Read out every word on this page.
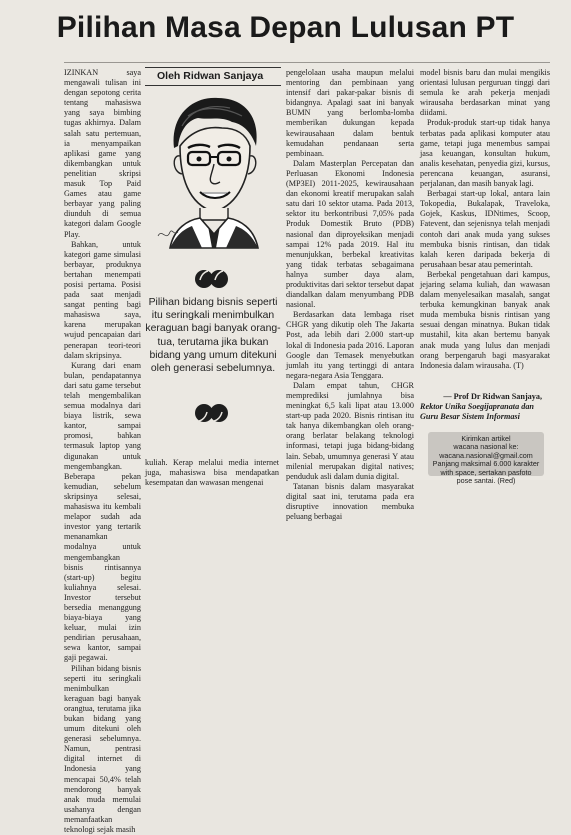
Pilihan Masa Depan Lulusan PT

IZINKAN saya mengawali tulisan ini dengan sepotong cerita tentang mahasiswa yang saya bimbing tugas akhirnya. Dalam salah satu pertemuan, ia menyampaikan aplikasi game yang dikembangkan untuk penelitian skripsi masuk Top Paid Games atau game berbayar yang paling diunduh di semua kategori dalam Google Play.

Bahkan, untuk kategori game simulasi berbayar, produknya bertahan menempati posisi pertama. Posisi pada saat menjadi sangat penting bagi mahasiswa saya, karena merupakan wujud pencapaian dari penerapan teori-teori dalam skripsinya.

Kurang dari enam bulan, pendapatannya dari satu game tersebut telah mengembalikan semua modalnya dari biaya listrik, sewa kantor, sampai promosi, bahkan termasuk laptop yang digunakan untuk mengembangkan. Beberapa pekan kemudian, sebelum skripsinya selesai, mahasiswa itu kembali melapor sudah ada investor yang tertarik menanamkan modalnya untuk mengembangkan bisnis rintisannya (start-up) begitu kuliahnya selesai. Investor tersebut bersedia menanggung biaya-biaya yang keluar, mulai izin pendirian perusahaan, sewa kantor, sampai gaji pegawai.

Pilihan bidang bisnis seperti itu seringkali menimbulkan keraguan bagi banyak orangtua, terutama jika bukan bidang yang umum ditekuni oleh generasi sebelumnya. Namun, pentrasi digital internet di Indonesia yang mencapai 50,4% telah mendorong banyak anak muda memulai usahanya dengan memanfaatkan teknologi sejak masih

Oleh Ridwan Sanjaya
Pilihan bidang bisnis seperti itu seringkali menimbulkan keraguan bagi banyak orang-tua, terutama jika bukan bidang yang umum ditekuni oleh generasi sebelumnya.

kuliah. Kerap melalui media internet juga, mahasiswa bisa mendapatkan kesempatan dan wawasan mengenai

pengelolaan usaha maupun melalui mentoring dan pembinaan yang intensif dari pakar-pakar bisnis di bidangnya. Apalagi saat ini banyak BUMN yang berlomba-lomba memberikan dukungan kepada kewirausahaan dalam bentuk kemudahan pendanaan serta pembinaan.

Dalam Masterplan Percepatan dan Perluasan Ekonomi Indonesia (MP3EI) 2011-2025, kewirausahaan dan ekonomi kreatif merupakan salah satu dari 10 sektor utama. Pada 2013, sektor itu berkontribusi 7,05% pada Produk Domestik Bruto (PDB) nasional dan diproyeksikan menjadi sampai 12% pada 2019. Hal itu menunjukkan, berbekal kreativitas yang tidak terbatas sebagaimana halnya sumber daya alam, produktivitas dari sektor tersebut dapat diandalkan dalam menyumbang PDB nasional.

Berdasarkan data lembaga riset CHGR yang dikutip oleh The Jakarta Post, ada lebih dari 2.000 start-up lokal di Indonesia pada 2016. Laporan Google dan Temasek menyebutkan jumlah itu yang tertinggi di antara negara-negara Asia Tenggara.

Dalam empat tahun, CHGR memprediksi jumlahnya bisa meningkat 6,5 kali lipat atau 13.000 start-up pada 2020. Bisnis rintisan itu tak hanya dikembangkan oleh orang-orang berlatar belakang teknologi informasi, tetapi juga bidang-bidang lain. Sebab, umumnya generasi Y atau milenial merupakan digital natives; penduduk asli dalam dunia digital.

Tatanan bisnis dalam masyarakat digital saat ini, terutama pada era disruptive innovation membuka peluang berbagai

model bisnis baru dan mulai mengikis orientasi lulusan perguruan tinggi dari semula ke arah pekerja menjadi wirausaha berdasarkan minat yang diidami.

Produk-produk start-up tidak hanya terbatas pada aplikasi komputer atau game, tetapi juga menembus sampai jasa keuangan, konsultan hukum, analis kesehatan, penyedia gizi, kursus, perencana keuangan, asuransi, perjalanan, dan masih banyak lagi.

Berbagai start-up lokal, antara lain Tokopedia, Bukalapak, Traveloka, Gojek, Kaskus, IDNtimes, Scoop, Fatevent, dan sejenisnya telah menjadi contoh dari anak muda yang sukses membuka bisnis rintisan, dan tidak kalah keren daripada bekerja di perusahaan besar atau pemerintah.

Berbekal pengetahuan dari kampus, jejaring selama kuliah, dan wawasan dalam menyelesaikan masalah, sangat terbuka kemungkinan banyak anak muda membuka bisnis rintisan yang sesuai dengan minatnya. Bukan tidak mustahil, kita akan bertemu banyak anak muda yang lulus dan menjadi orang berpengaruh bagi masyarakat Indonesia dalam wirausaha. (T)

— Prof Dr Ridwan Sanjaya,
Rektor Unika Soegijapranata dan Guru Besar Sistem Informasi
Kirimkan artikel
wacana nasional ke:
wacana.nasional@gmail.com
Panjang maksimal 6.000 karakter
with space, sertakan pasfoto
pose santai. (Red)
